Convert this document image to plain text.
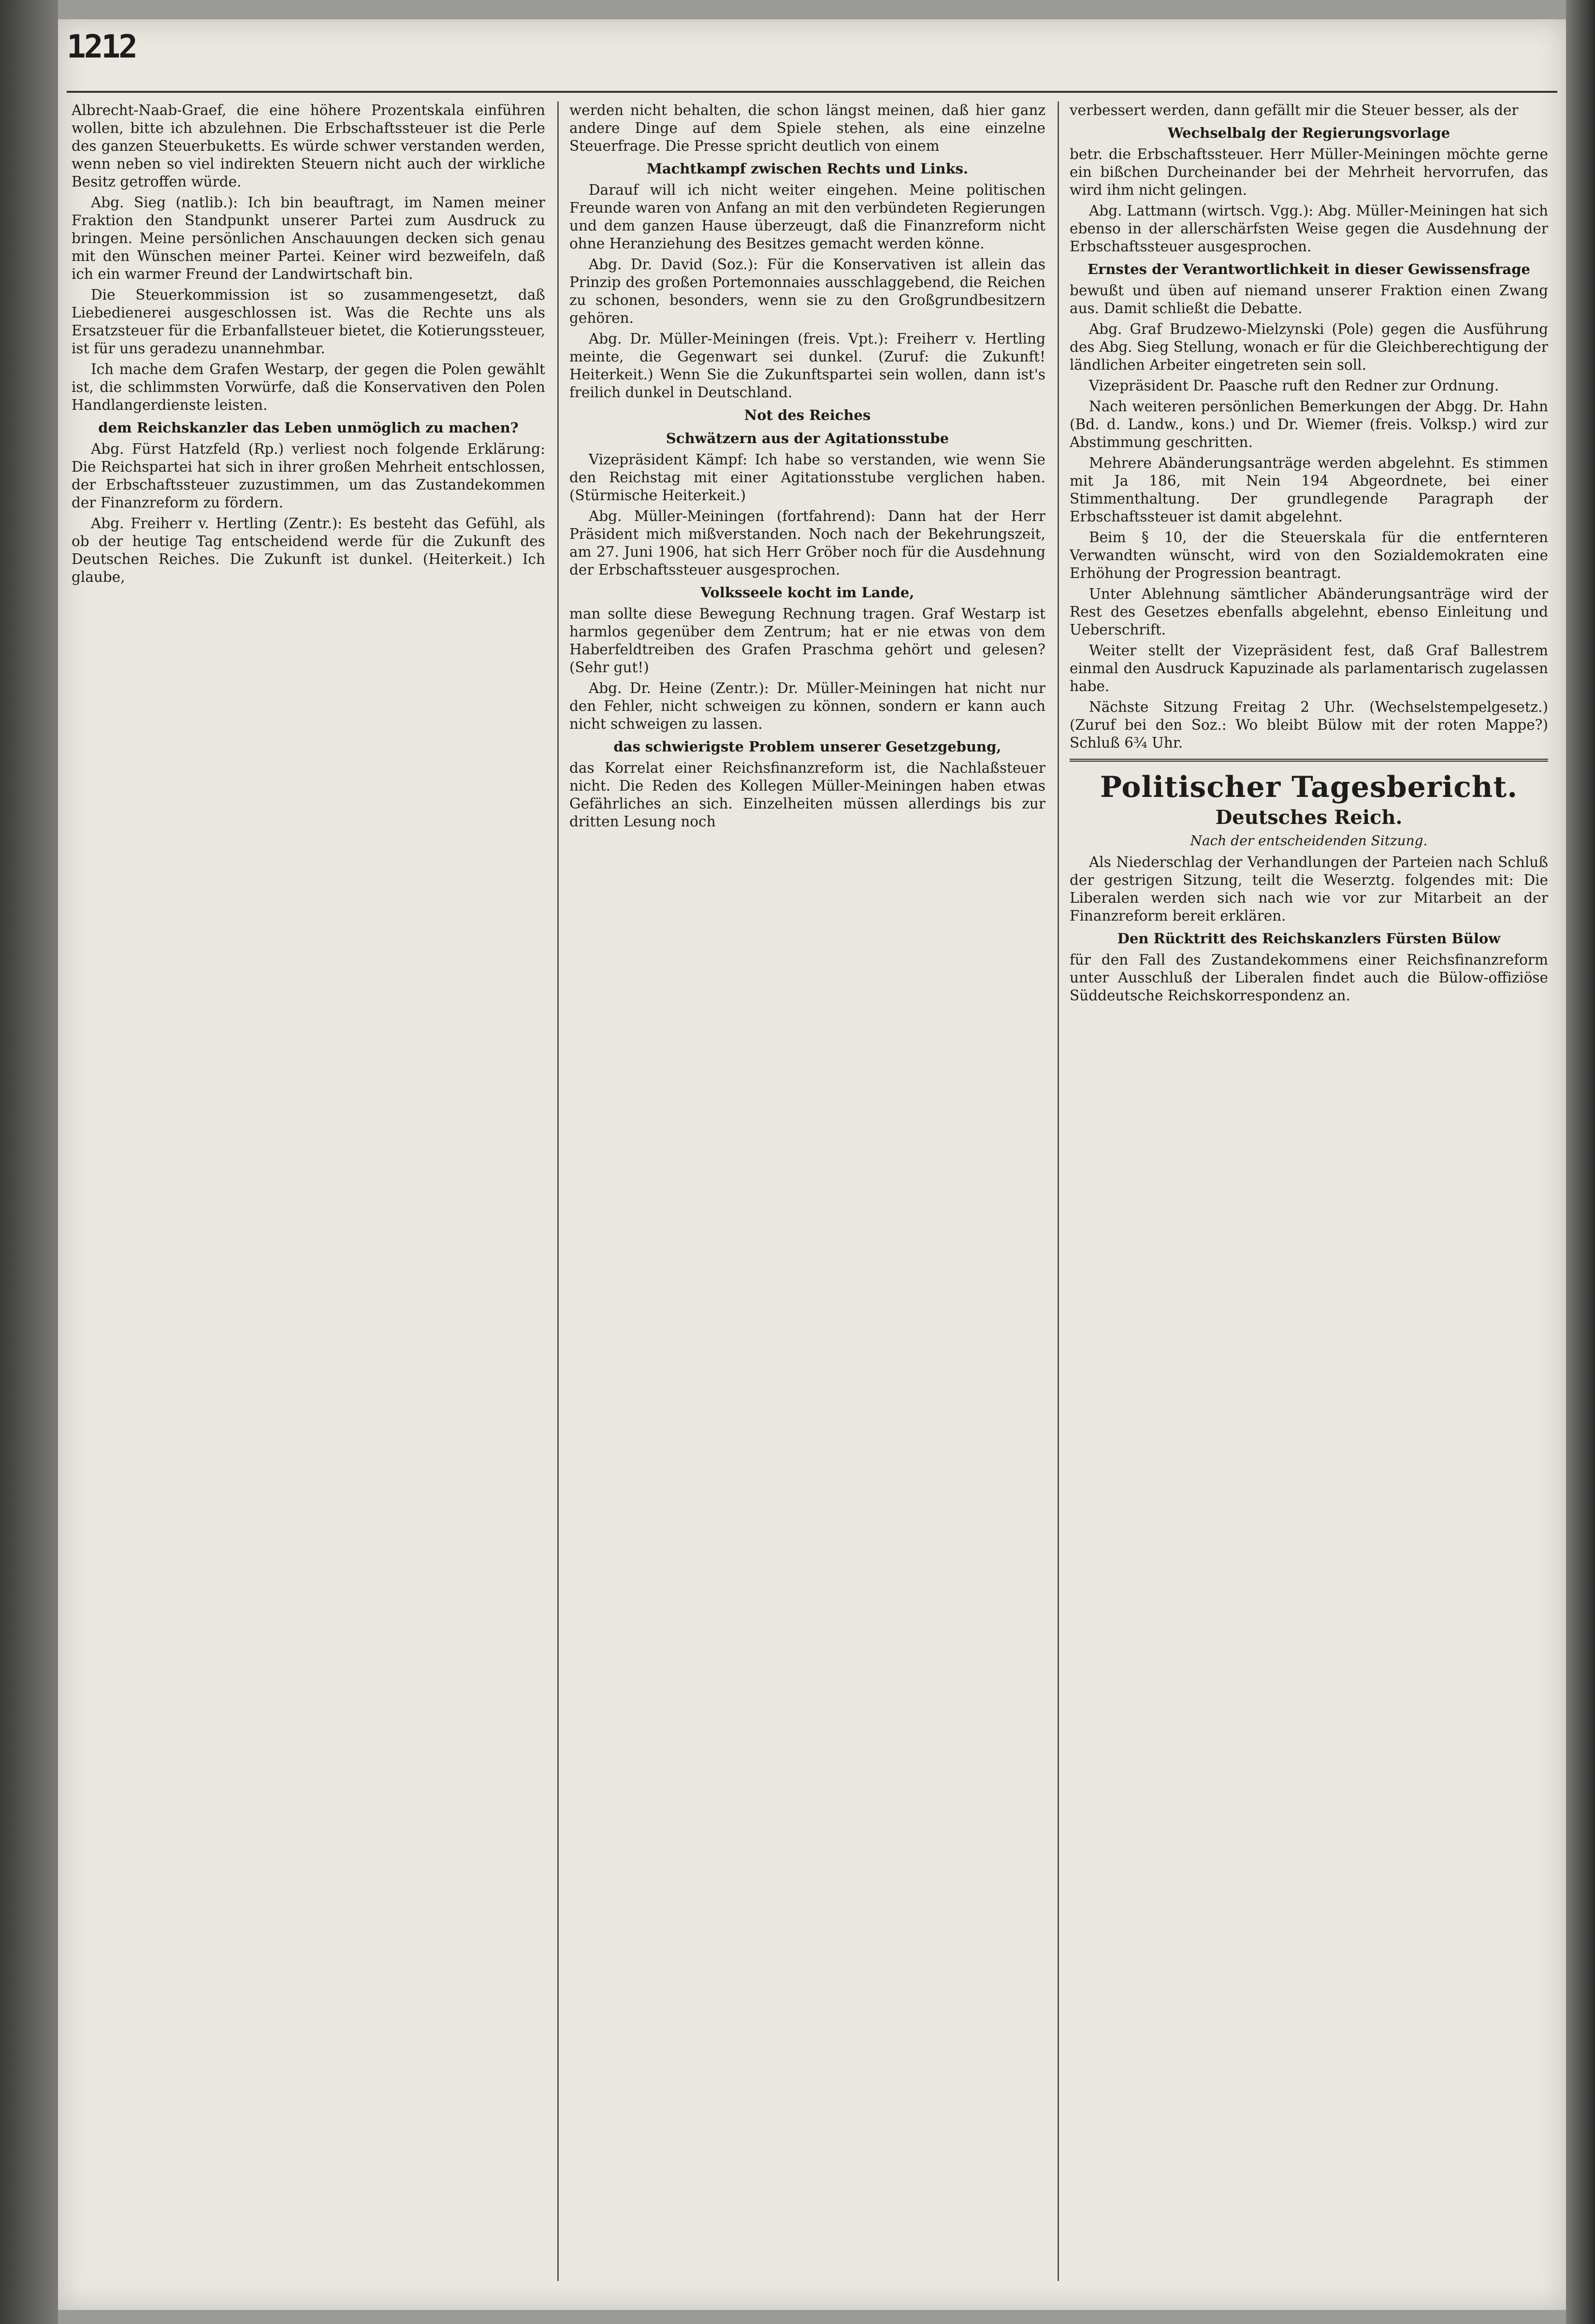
1212

Albrecht-Naab-Graef, die eine höhere Prozentskala einführen wollen, bitte ich abzulehnen. Die Erbschaftssteuer ist die Perle des ganzen Steuerbuketts. Es würde schwer verstanden werden, wenn neben so viel indirekten Steuern nicht auch der wirkliche Besitz getroffen würde.

Abg. Sieg (natlib.): Ich bin beauftragt, im Namen meiner Fraktion den Standpunkt unserer Partei zum Ausdruck zu bringen. Meine persönlichen Anschauungen decken sich genau mit den Wünschen meiner Partei. Keiner wird bezweifeln, daß ich ein warmer Freund der Landwirtschaft bin.

Die Steuerkommission ist so zusammengesetzt, daß Liebedienerei ausgeschlossen ist. Was die Rechte uns als Ersatzsteuer für die Erbanfallsteuer bietet, die Kotierungssteuer, ist für uns geradezu unannehmbar.

Ich mache dem Grafen Westarp, der gegen die Polen gewählt ist, die schlimmsten Vorwürfe, daß die Konservativen den Polen Handlangerdienste leisten.

dem Reichskanzler das Leben unmöglich zu machen?

Abg. Fürst Hatzfeld (Rp.) verliest noch folgende Erklärung: Die Reichspartei hat sich in ihrer großen Mehrheit entschlossen, der Erbschaftssteuer zuzustimmen, um das Zustandekommen der Finanzreform zu fördern.

Abg. Freiherr v. Hertling (Zentr.): Es besteht das Gefühl, als ob der heutige Tag entscheidend werde für die Zukunft des Deutschen Reiches. Die Zukunft ist dunkel. (Heiterkeit.) Ich glaube,

werden nicht behalten, die schon längst meinen, daß hier ganz andere Dinge auf dem Spiele stehen, als eine einzelne Steuerfrage. Die Presse spricht deutlich von einem

Machtkampf zwischen Rechts und Links.

Darauf will ich nicht weiter eingehen. Meine politischen Freunde waren von Anfang an mit den verbündeten Regierungen und dem ganzen Hause überzeugt, daß die Finanzreform nicht ohne Heranziehung des Besitzes gemacht werden könne.

Abg. Dr. David (Soz.): Für die Konservativen ist allein das Prinzip des großen Portemonnaies ausschlaggebend, die Reichen zu schonen, besonders, wenn sie zu den Großgrundbesitzern gehören.

Abg. Dr. Müller-Meiningen (freis. Vpt.): Freiherr v. Hertling meinte, die Gegenwart sei dunkel. (Zuruf: die Zukunft! Heiterkeit.) Wenn Sie die Zukunftspartei sein wollen, dann ist's freilich dunkel in Deutschland.

Not des Reiches
Schwätzern aus der Agitationsstube

Vizepräsident Kämpf: Ich habe so verstanden, wie wenn Sie den Reichstag mit einer Agitationsstube verglichen haben. (Stürmische Heiterkeit.)

Abg. Müller-Meiningen (fortfahrend): Dann hat der Herr Präsident mich mißverstanden. Noch nach der Bekehrungszeit, am 27. Juni 1906, hat sich Herr Gröber noch für die Ausdehnung der Erbschaftssteuer ausgesprochen.

Volksseele kocht im Lande,

man sollte diese Bewegung Rechnung tragen. Graf Westarp ist harmlos gegenüber dem Zentrum; hat er nie etwas von dem Haberfeldtreiben des Grafen Praschma gehört und gelesen? (Sehr gut!)

Abg. Dr. Heine (Zentr.): Dr. Müller-Meiningen hat nicht nur den Fehler, nicht schweigen zu können, sondern er kann auch nicht schweigen zu lassen.

das schwierigste Problem unserer Gesetzgebung,

das Korrelat einer Reichsfinanzreform ist, die Nachlaßsteuer nicht. Die Reden des Kollegen Müller-Meiningen haben etwas Gefährliches an sich. Einzelheiten müssen allerdings bis zur dritten Lesung noch

verbessert werden, dann gefällt mir die Steuer besser, als der

Wechselbalg der Regierungsvorlage

betr. die Erbschaftssteuer. Herr Müller-Meiningen möchte gerne ein bißchen Durcheinander bei der Mehrheit hervorrufen, das wird ihm nicht gelingen.

Abg. Lattmann (wirtsch. Vgg.): Abg. Müller-Meiningen hat sich ebenso in der allerschärfsten Weise gegen die Ausdehnung der Erbschaftssteuer ausgesprochen.

Ernstes der Verantwortlichkeit in dieser Gewissensfrage

bewußt und üben auf niemand unserer Fraktion einen Zwang aus. Damit schließt die Debatte.

Abg. Graf Brudzewo-Mielzynski (Pole) gegen die Ausführung des Abg. Sieg Stellung, wonach er für die Gleichberechtigung der ländlichen Arbeiter eingetreten sein soll.

Vizepräsident Dr. Paasche ruft den Redner zur Ordnung.

Nach weiteren persönlichen Bemerkungen der Abgg. Dr. Hahn (Bd. d. Landw., kons.) und Dr. Wiemer (freis. Volksp.) wird zur Abstimmung geschritten.

Mehrere Abänderungsanträge werden abgelehnt. Es stimmen mit Ja 186, mit Nein 194 Abgeordnete, bei einer Stimmenthaltung. Der grundlegende Paragraph der Erbschaftssteuer ist damit abgelehnt.

Beim § 10, der die Steuerskala für die entfernteren Verwandten wünscht, wird von den Sozialdemokraten eine Erhöhung der Progression beantragt.

Unter Ablehnung sämtlicher Abänderungsanträge wird der Rest des Gesetzes ebenfalls abgelehnt, ebenso Einleitung und Ueberschrift.

Weiter stellt der Vizepräsident fest, daß Graf Ballestrem einmal den Ausdruck Kapuzinade als parlamentarisch zugelassen habe.

Nächste Sitzung Freitag 2 Uhr. (Wechselstempelgesetz.) (Zuruf bei den Soz.: Wo bleibt Bülow mit der roten Mappe?) Schluß 6¾ Uhr.

Politischer Tagesbericht.
Deutsches Reich.
Nach der entscheidenden Sitzung.

Als Niederschlag der Verhandlungen der Parteien nach Schluß der gestrigen Sitzung, teilt die Weserztg. folgendes mit: Die Liberalen werden sich nach wie vor zur Mitarbeit an der Finanzreform bereit erklären.

Den Rücktritt des Reichskanzlers Fürsten Bülow

für den Fall des Zustandekommens einer Reichsfinanzreform unter Ausschluß der Liberalen findet auch die Bülow-offiziöse Süddeutsche Reichskorrespondenz an.
